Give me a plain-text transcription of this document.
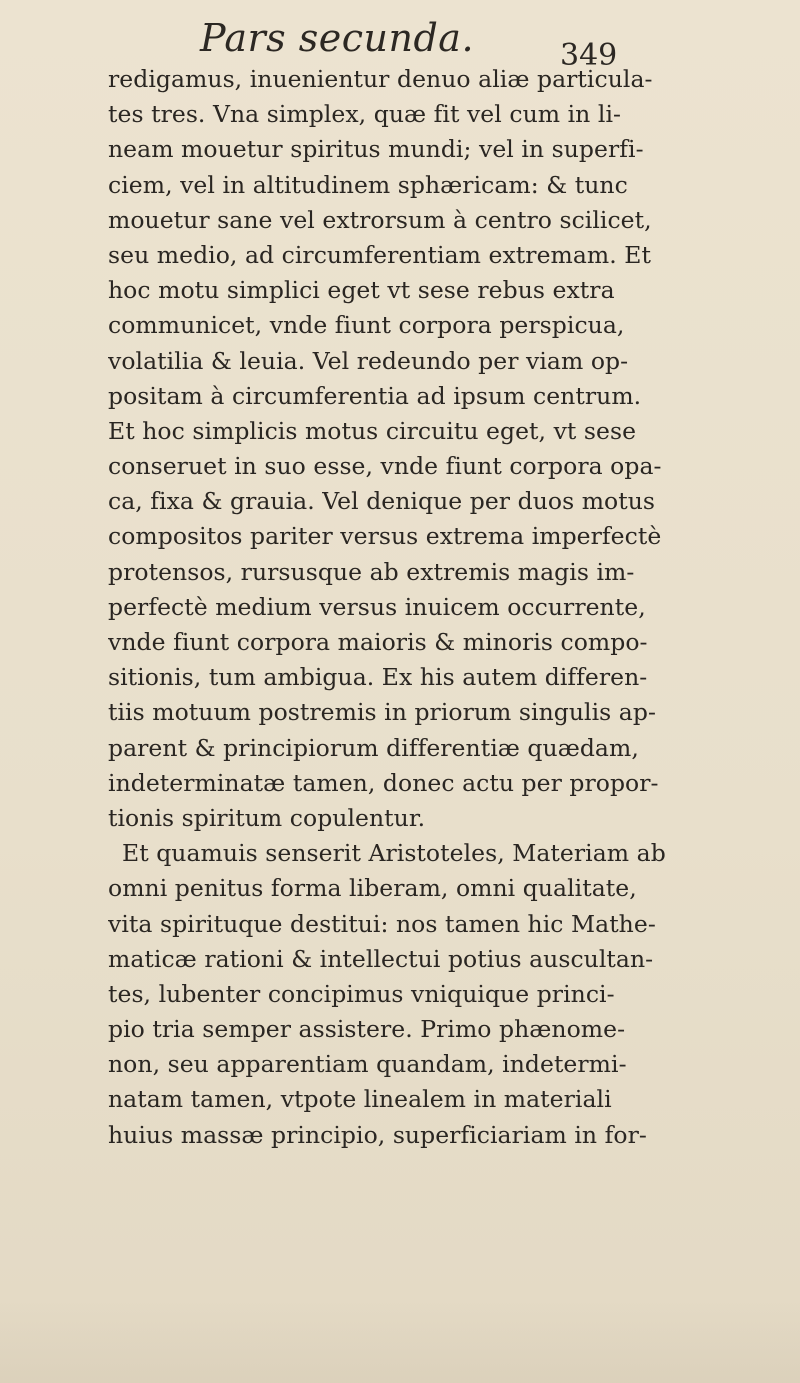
Pars secunda.	349
redigamus, inuenientur denuo aliæ particula-
tes tres. Vna simplex, quæ fit vel cum in li-
neam mouetur spiritus mundi; vel in superfi-
ciem, vel in altitudinem sphæricam: & tunc
mouetur sane vel extrorsum à centro scilicet,
seu medio, ad circumferentiam extremam. Et
hoc motu simplici eget vt sese rebus extra
communicet, vnde fiunt corpora perspicua,
volatilia & leuia. Vel redeundo per viam op-
positam à circumferentia ad ipsum centrum.
Et hoc simplicis motus circuitu eget, vt sese
conseruet in suo esse, vnde fiunt corpora opa-
ca, fixa & grauia. Vel denique per duos motus
compositos pariter versus extrema imperfectè
protensos, rursusque ab extremis magis im-
perfectè medium versus inuicem occurrente,
vnde fiunt corpora maioris & minoris compo-
sitionis, tum ambigua. Ex his autem differen-
tiis motuum postremis in priorum singulis ap-
parent & principiorum differentiæ quædam,
indeterminatæ tamen, donec actu per propor-
tionis spiritum copulentur.
Et quamuis senserit Aristoteles, Materiam ab
omni penitus forma liberam, omni qualitate,
vita spirituque destitui: nos tamen hic Mathe-
maticæ rationi & intellectui potius auscultan-
tes, lubenter concipimus vniquique princi-
pio tria semper assistere. Primo phænome-
non, seu apparentiam quandam, indetermi-
natam tamen, vtpote linealem in materiali
huius massæ principio, superficiariam in for-
